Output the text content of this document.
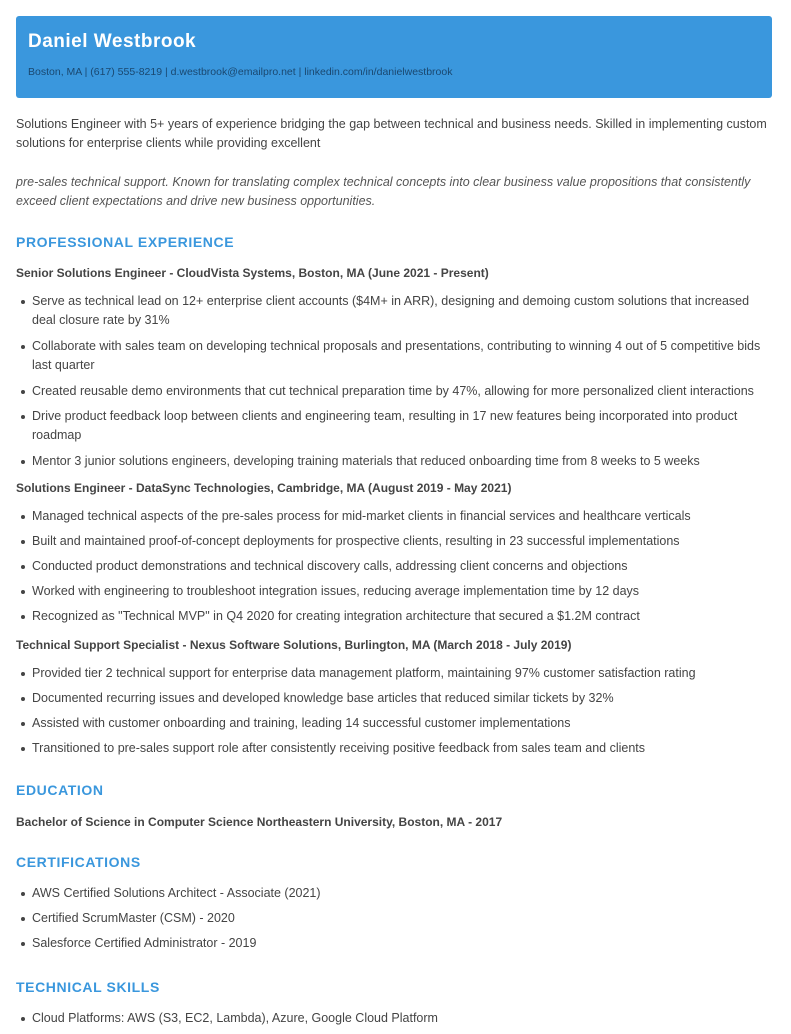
Daniel Westbrook
Boston, MA | (617) 555-8219 | d.westbrook@emailpro.net | linkedin.com/in/danielwestbrook

Solutions Engineer with 5+ years of experience bridging the gap between technical and business needs. Skilled in implementing custom solutions for enterprise clients while providing excellent

pre-sales technical support. Known for translating complex technical concepts into clear business value propositions that consistently exceed client expectations and drive new business opportunities.

PROFESSIONAL EXPERIENCE
Senior Solutions Engineer - CloudVista Systems, Boston, MA (June 2021 - Present)
Serve as technical lead on 12+ enterprise client accounts ($4M+ in ARR), designing and demoing custom solutions that increased deal closure rate by 31%
Collaborate with sales team on developing technical proposals and presentations, contributing to winning 4 out of 5 competitive bids last quarter
Created reusable demo environments that cut technical preparation time by 47%, allowing for more personalized client interactions
Drive product feedback loop between clients and engineering team, resulting in 17 new features being incorporated into product roadmap
Mentor 3 junior solutions engineers, developing training materials that reduced onboarding time from 8 weeks to 5 weeks
Solutions Engineer - DataSync Technologies, Cambridge, MA (August 2019 - May 2021)
Managed technical aspects of the pre-sales process for mid-market clients in financial services and healthcare verticals
Built and maintained proof-of-concept deployments for prospective clients, resulting in 23 successful implementations
Conducted product demonstrations and technical discovery calls, addressing client concerns and objections
Worked with engineering to troubleshoot integration issues, reducing average implementation time by 12 days
Recognized as "Technical MVP" in Q4 2020 for creating integration architecture that secured a $1.2M contract
Technical Support Specialist - Nexus Software Solutions, Burlington, MA (March 2018 - July 2019)
Provided tier 2 technical support for enterprise data management platform, maintaining 97% customer satisfaction rating
Documented recurring issues and developed knowledge base articles that reduced similar tickets by 32%
Assisted with customer onboarding and training, leading 14 successful customer implementations
Transitioned to pre-sales support role after consistently receiving positive feedback from sales team and clients
EDUCATION
Bachelor of Science in Computer Science Northeastern University, Boston, MA - 2017
CERTIFICATIONS
AWS Certified Solutions Architect - Associate (2021)
Certified ScrumMaster (CSM) - 2020
Salesforce Certified Administrator - 2019
TECHNICAL SKILLS
Cloud Platforms: AWS (S3, EC2, Lambda), Azure, Google Cloud Platform
